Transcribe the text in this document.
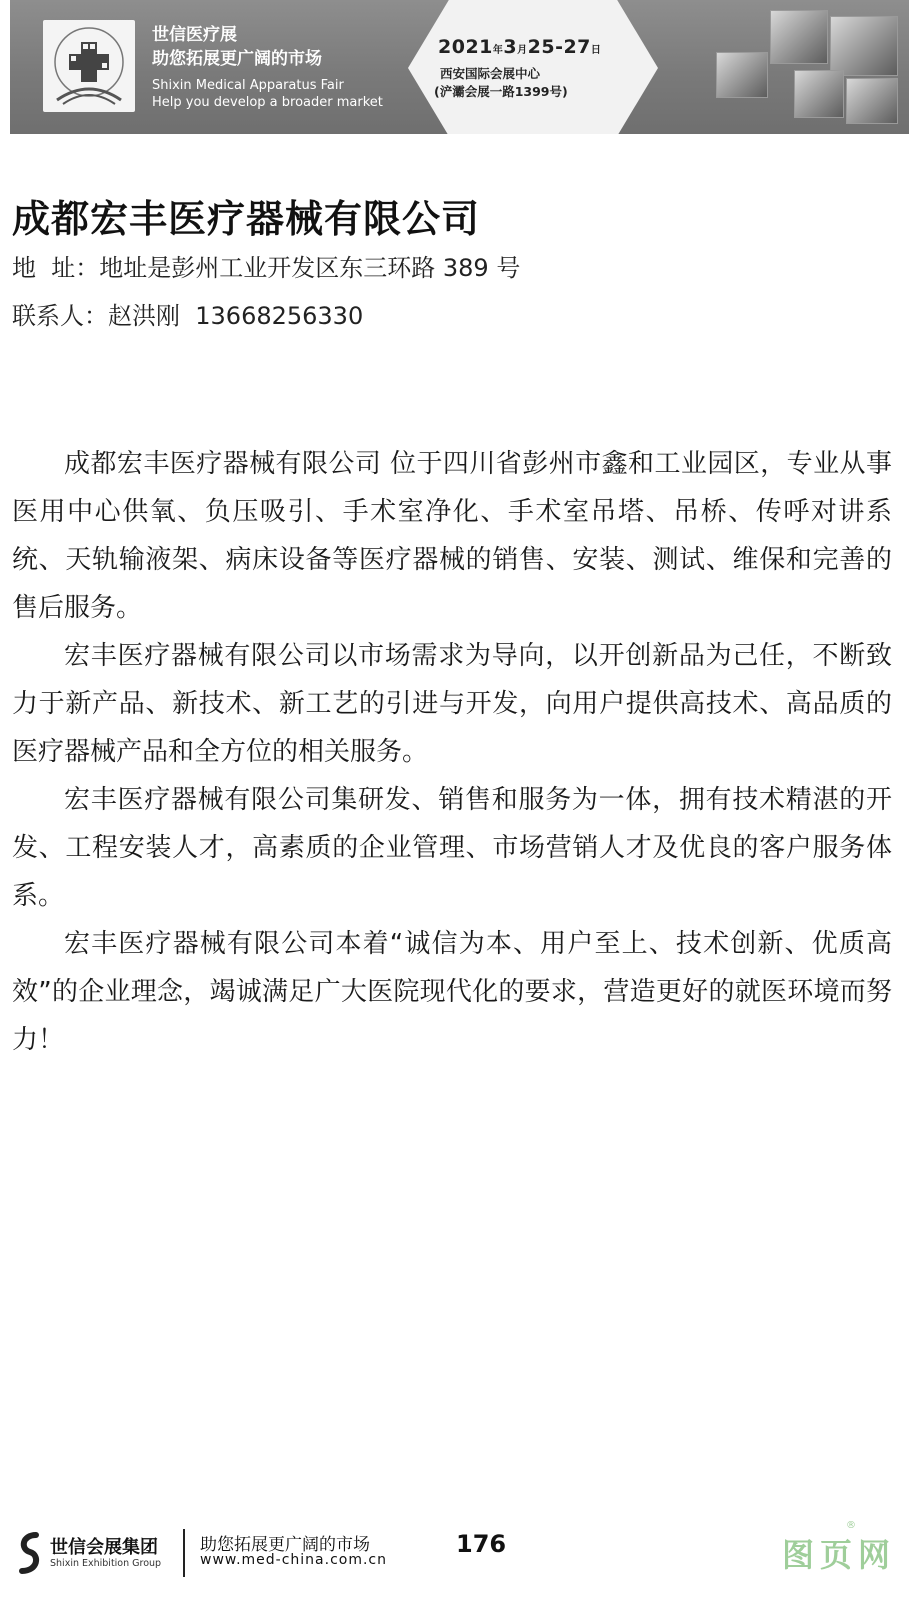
世信医疗展
助您拓展更广阔的市场
Shixin Medical Apparatus Fair
Help you develop a broader market
2021年3月25-27日
西安国际会展中心
(浐灞会展一路1399号)
成都宏丰医疗器械有限公司
地  址：地址是彭州工业开发区东三环路 389 号
联系人：赵洪刚  13668256330

成都宏丰医疗器械有限公司 位于四川省彭州市鑫和工业园区，专业从事医用中心供氧、负压吸引、手术室净化、手术室吊塔、吊桥、传呼对讲系统、天轨输液架、病床设备等医疗器械的销售、安装、测试、维保和完善的售后服务。

宏丰医疗器械有限公司以市场需求为导向，以开创新品为己任，不断致力于新产品、新技术、新工艺的引进与开发，向用户提供高技术、高品质的医疗器械产品和全方位的相关服务。

宏丰医疗器械有限公司集研发、销售和服务为一体，拥有技术精湛的开发、工程安装人才，高素质的企业管理、市场营销人才及优良的客户服务体系。

宏丰医疗器械有限公司本着“诚信为本、用户至上、技术创新、优质高效”的企业理念，竭诚满足广大医院现代化的要求，营造更好的就医环境而努力！

世信会展集团
Shixin Exhibition Group
助您拓展更广阔的市场
www.med-china.com.cn
176	图页网
®
